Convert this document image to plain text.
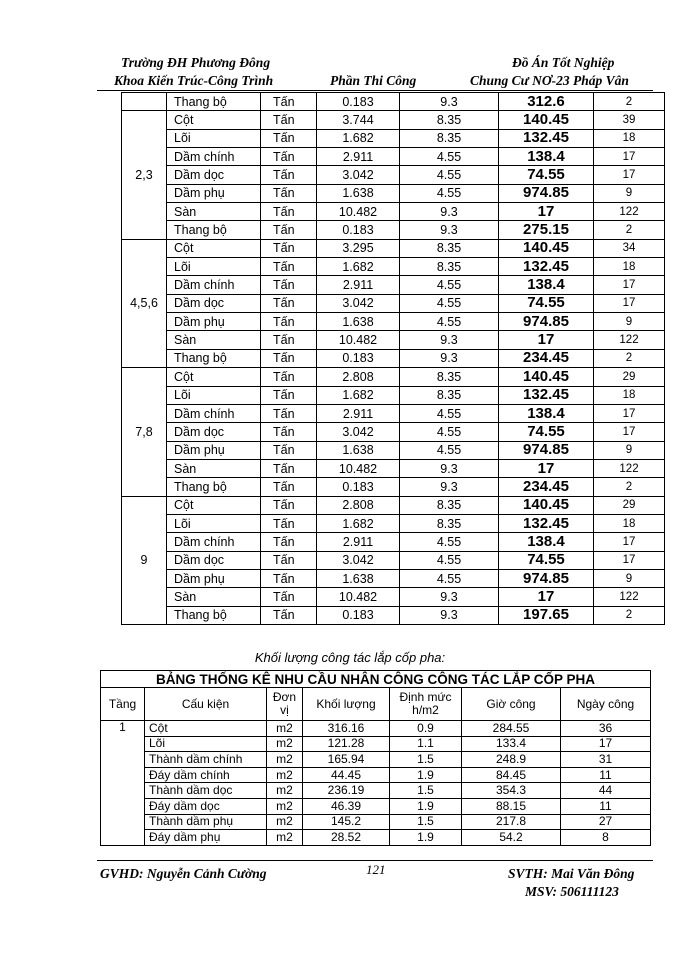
Trường ĐH Phương Đông
Khoa Kiến Trúc-Công Trình	Phần Thi Công
Đồ Án Tốt Nghiệp
Chung Cư NƠ-23 Pháp Vân
	Thang bộ	Tấn	0.183	9.3	312.6	2
2,3	Cột	Tấn	3.744	8.35	140.45	39
	Lõi	Tấn	1.682	8.35	132.45	18
	Dầm chính	Tấn	2.911	4.55	138.4	17
	Dầm dọc	Tấn	3.042	4.55	74.55	17
	Dầm phụ	Tấn	1.638	4.55	974.85	9
	Sàn	Tấn	10.482	9.3	17	122
	Thang bộ	Tấn	0.183	9.3	275.15	2
4,5,6	Cột	Tấn	3.295	8.35	140.45	34
	Lõi	Tấn	1.682	8.35	132.45	18
	Dầm chính	Tấn	2.911	4.55	138.4	17
	Dầm dọc	Tấn	3.042	4.55	74.55	17
	Dầm phụ	Tấn	1.638	4.55	974.85	9
	Sàn	Tấn	10.482	9.3	17	122
	Thang bộ	Tấn	0.183	9.3	234.45	2
7,8	Cột	Tấn	2.808	8.35	140.45	29
	Lõi	Tấn	1.682	8.35	132.45	18
	Dầm chính	Tấn	2.911	4.55	138.4	17
	Dầm dọc	Tấn	3.042	4.55	74.55	17
	Dầm phụ	Tấn	1.638	4.55	974.85	9
	Sàn	Tấn	10.482	9.3	17	122
	Thang bộ	Tấn	0.183	9.3	234.45	2
9	Cột	Tấn	2.808	8.35	140.45	29
	Lõi	Tấn	1.682	8.35	132.45	18
	Dầm chính	Tấn	2.911	4.55	138.4	17
	Dầm dọc	Tấn	3.042	4.55	74.55	17
	Dầm phụ	Tấn	1.638	4.55	974.85	9
	Sàn	Tấn	10.482	9.3	17	122
	Thang bộ	Tấn	0.183	9.3	197.65	2
Khối lượng công tác lắp cốp pha:
BẢNG THỐNG KÊ NHU CẦU NHÂN CÔNG CÔNG TÁC LẮP CỐP PHA						
Tầng	Cấu kiện	Đơn vị	Khối lượng	Định mức h/m2	Giờ công	Ngày công
1	Cột	m2	316.16	0.9	284.55	36
	Lõi	m2	121.28	1.1	133.4	17
	Thành dầm chính	m2	165.94	1.5	248.9	31
	Đáy dầm chính	m2	44.45	1.9	84.45	11
	Thành dầm dọc	m2	236.19	1.5	354.3	44
	Đáy dầm dọc	m2	46.39	1.9	88.15	11
	Thành dầm phụ	m2	145.2	1.5	217.8	27
	Đáy dầm phụ	m2	28.52	1.9	54.2	8
GVHD: Nguyễn Cảnh Cường	121	SVTH: Mai Văn Đông
MSV: 506111123
